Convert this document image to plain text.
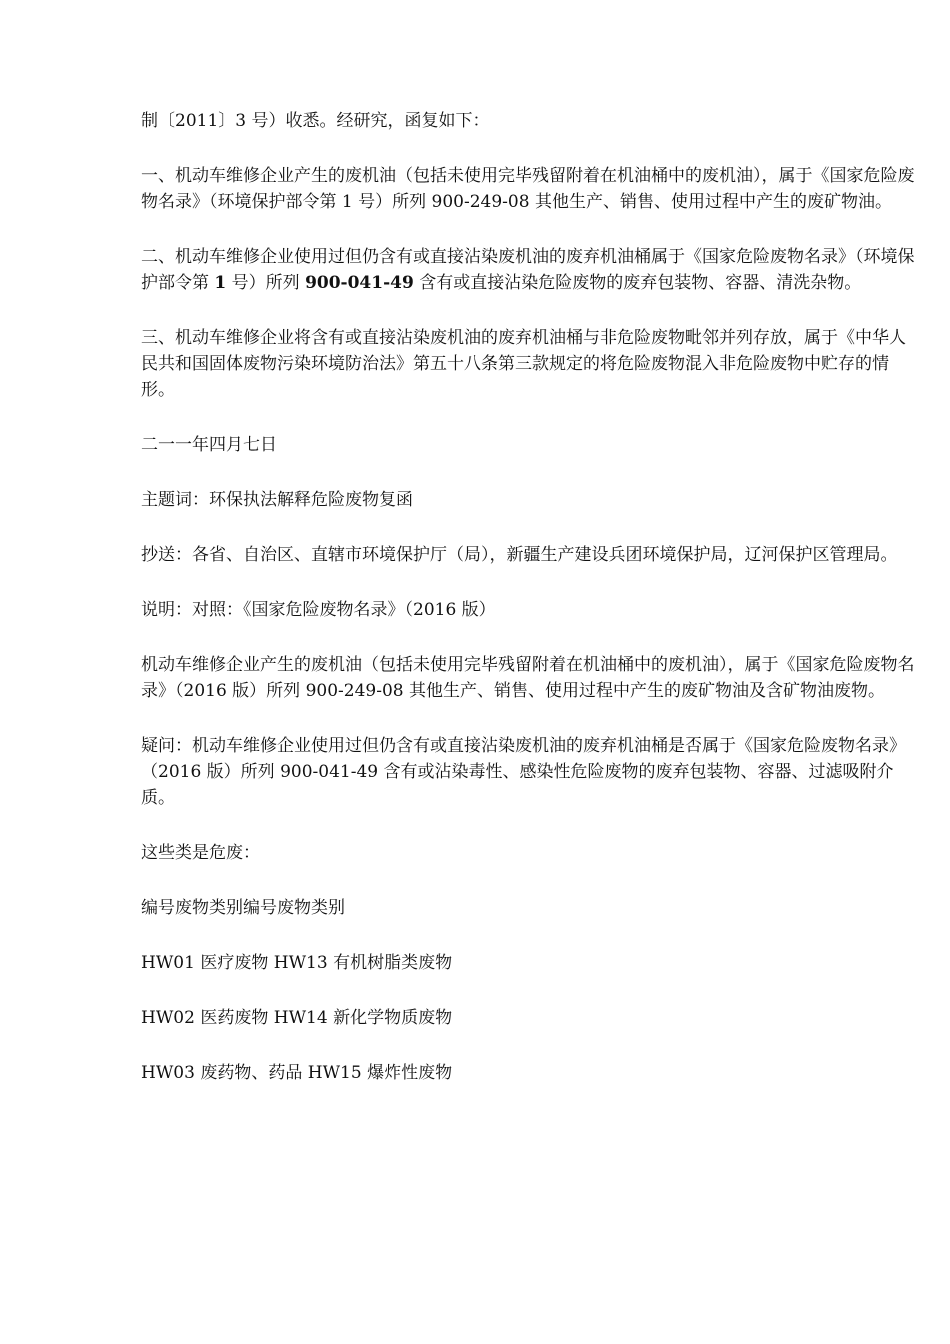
制〔2011〕3 号）收悉。经研究，函复如下：

一、机动车维修企业产生的废机油（包括未使用完毕残留附着在机油桶中的废机油），属于《国家危险废物名录》（环境保护部令第 1 号）所列 900-249-08 其他生产、销售、使用过程中产生的废矿物油。

二、机动车维修企业使用过但仍含有或直接沾染废机油的废弃机油桶属于《国家危险废物名录》（环境保护部令第 1 号）所列 900-041-49 含有或直接沾染危险废物的废弃包装物、容器、清洗杂物。

三、机动车维修企业将含有或直接沾染废机油的废弃机油桶与非危险废物毗邻并列存放，属于《中华人民共和国固体废物污染环境防治法》第五十八条第三款规定的将危险废物混入非危险废物中贮存的情形。

二一一年四月七日

主题词：环保执法解释危险废物复函

抄送：各省、自治区、直辖市环境保护厅（局），新疆生产建设兵团环境保护局，辽河保护区管理局。

说明：对照：《国家危险废物名录》（2016 版）

机动车维修企业产生的废机油（包括未使用完毕残留附着在机油桶中的废机油），属于《国家危险废物名录》（2016 版）所列 900-249-08 其他生产、销售、使用过程中产生的废矿物油及含矿物油废物。

疑问：机动车维修企业使用过但仍含有或直接沾染废机油的废弃机油桶是否属于《国家危险废物名录》（2016 版）所列 900-041-49 含有或沾染毒性、感染性危险废物的废弃包装物、容器、过滤吸附介质。

这些类是危废：

编号废物类别编号废物类别

HW01 医疗废物 HW13 有机树脂类废物

HW02 医药废物 HW14 新化学物质废物

HW03 废药物、药品 HW15 爆炸性废物
